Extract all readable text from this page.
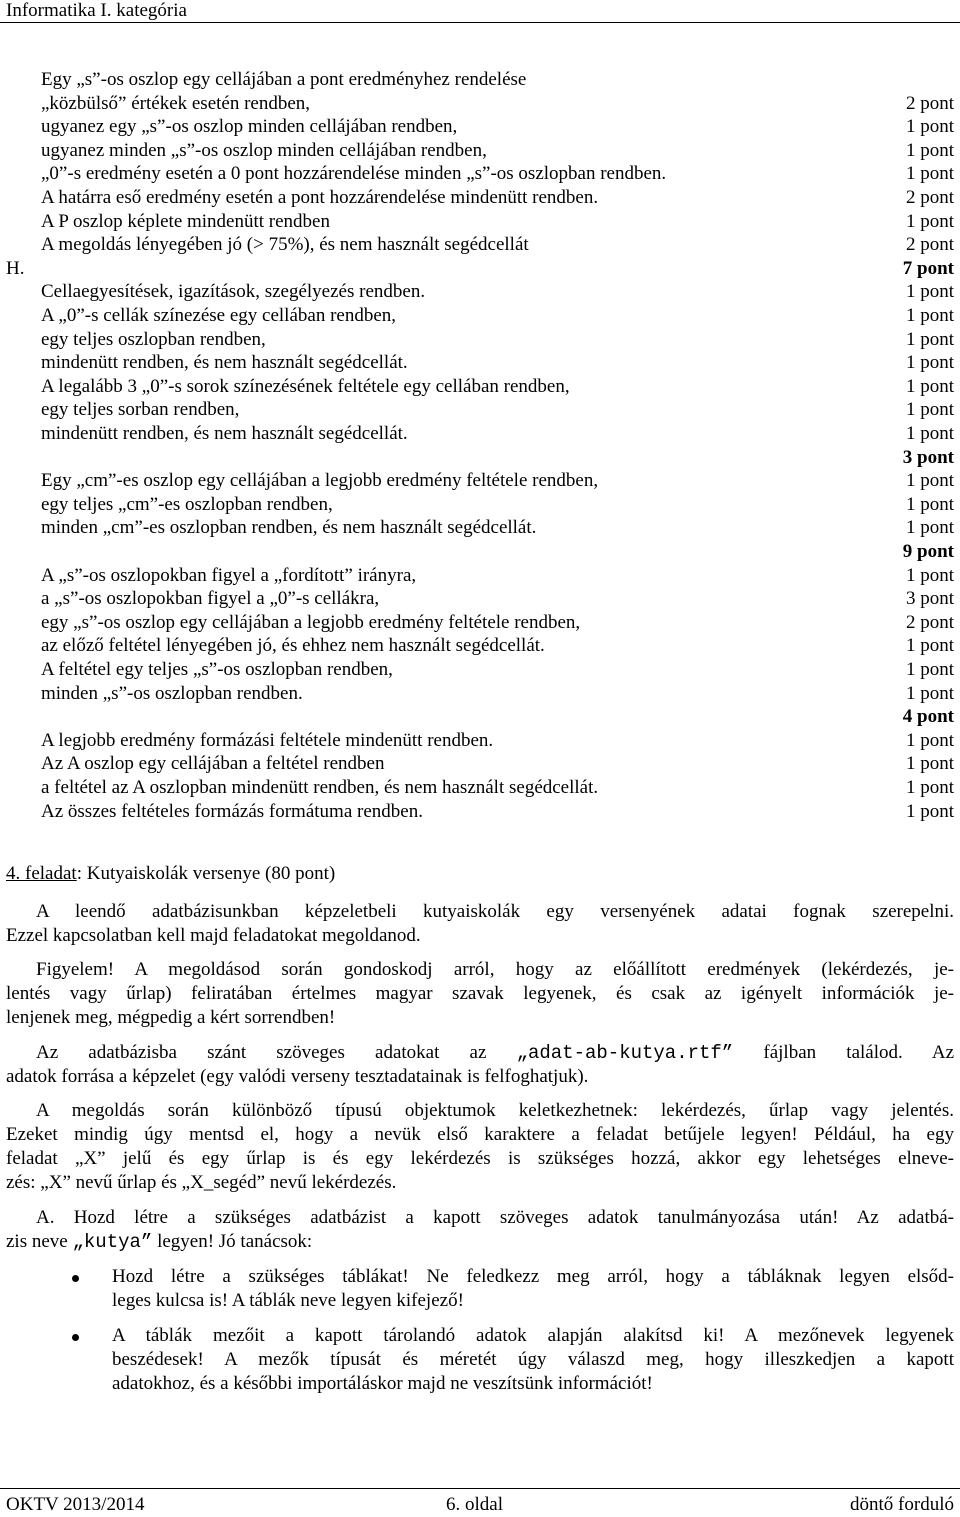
Informatika I. kategória
Egy „s”-os oszlop egy cellájában a pont eredményhez rendelése
„közbülső” értékek esetén rendben,	2 pont
ugyanez egy „s”-os oszlop minden cellájában rendben,	1 pont
ugyanez minden „s”-os oszlop minden cellájában rendben,	1 pont
„0”-s eredmény esetén a 0 pont hozzárendelése minden „s”-os oszlopban rendben.	1 pont
A határra eső eredmény esetén a pont hozzárendelése mindenütt rendben.	2 pont
A P oszlop képlete mindenütt rendben	1 pont
A megoldás lényegében jó (> 75%), és nem használt segédcellát	2 pont
H.	7 pont
Cellaegyesítések, igazítások, szegélyezés rendben.	1 pont
A „0”-s cellák színezése egy cellában rendben,	1 pont
egy teljes oszlopban rendben,	1 pont
mindenütt rendben, és nem használt segédcellát.	1 pont
A legalább 3 „0”-s sorok színezésének feltétele egy cellában rendben,	1 pont
egy teljes sorban rendben,	1 pont
mindenütt rendben, és nem használt segédcellát.	1 pont
3 pont
Egy „cm”-es oszlop egy cellájában a legjobb eredmény feltétele rendben,	1 pont
egy teljes „cm”-es oszlopban rendben,	1 pont
minden „cm”-es oszlopban rendben, és nem használt segédcellát.	1 pont
9 pont
A „s”-os oszlopokban figyel a „fordított” irányra,	1 pont
a „s”-os oszlopokban figyel a „0”-s cellákra,	3 pont
egy „s”-os oszlop egy cellájában a legjobb eredmény feltétele rendben,	2 pont
az előző feltétel lényegében jó, és ehhez nem használt segédcellát.	1 pont
A feltétel egy teljes „s”-os oszlopban rendben,	1 pont
minden „s”-os oszlopban rendben.	1 pont
4 pont
A legjobb eredmény formázási feltétele mindenütt rendben.	1 pont
Az A oszlop egy cellájában a feltétel rendben	1 pont
a feltétel az A oszlopban mindenütt rendben, és nem használt segédcellát.	1 pont
Az összes feltételes formázás formátuma rendben.	1 pont
4. feladat: Kutyaiskolák versenye (80 pont)
A leendő adatbázisunkban képzeletbeli kutyaiskolák egy versenyének adatai fognak szerepelni.
Ezzel kapcsolatban kell majd feladatokat megoldanod.
Figyelem! A megoldásod során gondoskodj arról, hogy az előállított eredmények (lekérdezés, je-
lentés vagy űrlap) feliratában értelmes magyar szavak legyenek, és csak az igényelt információk je-
lenjenek meg, mégpedig a kért sorrendben!
Az adatbázisba szánt szöveges adatokat az „adat-ab-kutya.rtf” fájlban találod. Az
adatok forrása a képzelet (egy valódi verseny tesztadatainak is felfoghatjuk).
A megoldás során különböző típusú objektumok keletkezhetnek: lekérdezés, űrlap vagy jelentés.
Ezeket mindig úgy mentsd el, hogy a nevük első karaktere a feladat betűjele legyen! Például, ha egy
feladat „X” jelű és egy űrlap is és egy lekérdezés is szükséges hozzá, akkor egy lehetséges elneve-
zés: „X” nevű űrlap és „X_segéd” nevű lekérdezés.
A. Hozd létre a szükséges adatbázist a kapott szöveges adatok tanulmányozása után! Az adatbá-
zis neve „kutya” legyen! Jó tanácsok:
Hozd létre a szükséges táblákat! Ne feledkezz meg arról, hogy a tábláknak legyen elsőd-
leges kulcsa is! A táblák neve legyen kifejező!
A táblák mezőit a kapott tárolandó adatok alapján alakítsd ki! A mezőnevek legyenek
beszédesek! A mezők típusát és méretét úgy válaszd meg, hogy illeszkedjen a kapott
adatokhoz, és a későbbi importáláskor majd ne veszítsünk információt!
OKTV 2013/2014	6. oldal	döntő forduló
